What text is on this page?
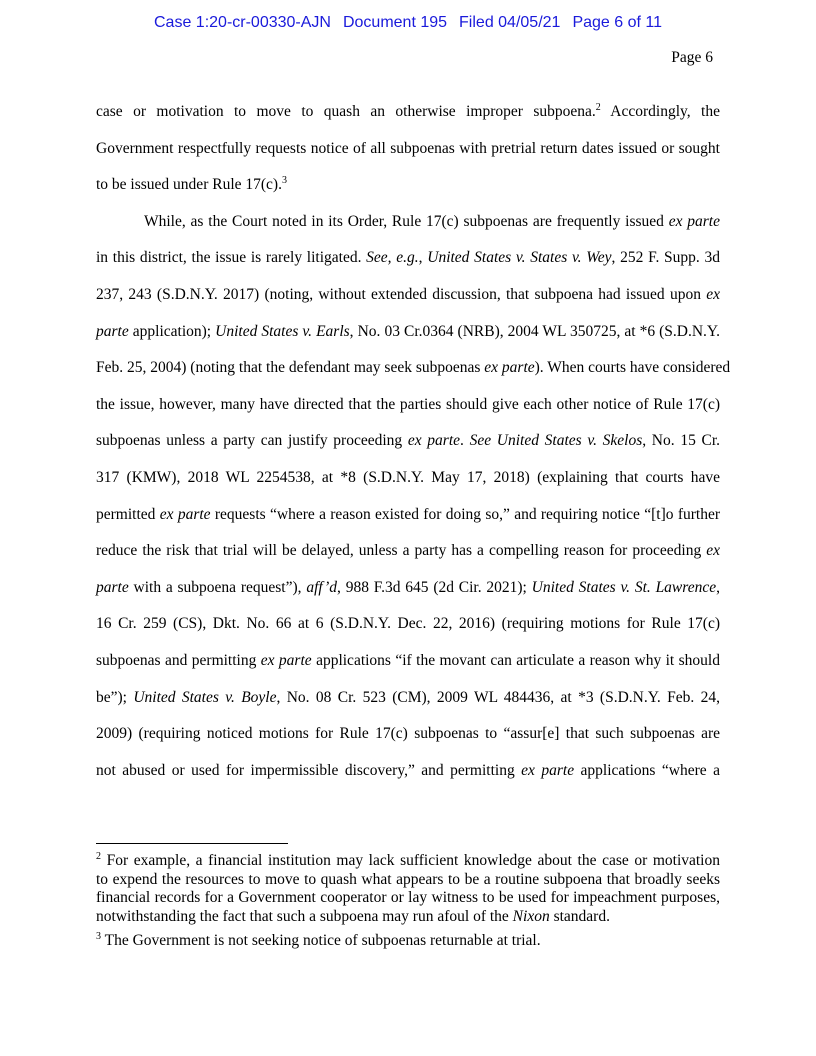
Case 1:20-cr-00330-AJN Document 195 Filed 04/05/21 Page 6 of 11
Page 6
case or motivation to move to quash an otherwise improper subpoena.$^2$ Accordingly, the
Government respectfully requests notice of all subpoenas with pretrial return dates issued or sought
to be issued under Rule 17(c).$^3$
While, as the Court noted in its Order, Rule 17(c) subpoenas are frequently issued ex parte
in this district, the issue is rarely litigated. See, e.g., United States v. States v. Wey, 252 F. Supp. 3d
237, 243 (S.D.N.Y. 2017) (noting, without extended discussion, that subpoena had issued upon ex
parte application); United States v. Earls, No. 03 Cr.0364 (NRB), 2004 WL 350725, at *6 (S.D.N.Y.
Feb. 25, 2004) (noting that the defendant may seek subpoenas ex parte). When courts have considered
the issue, however, many have directed that the parties should give each other notice of Rule 17(c)
subpoenas unless a party can justify proceeding ex parte. See United States v. Skelos, No. 15 Cr.
317 (KMW), 2018 WL 2254538, at *8 (S.D.N.Y. May 17, 2018) (explaining that courts have
permitted ex parte requests “where a reason existed for doing so,” and requiring notice “[t]o further
reduce the risk that trial will be delayed, unless a party has a compelling reason for proceeding ex
parte with a subpoena request”), aff’d, 988 F.3d 645 (2d Cir. 2021); United States v. St. Lawrence,
16 Cr. 259 (CS), Dkt. No. 66 at 6 (S.D.N.Y. Dec. 22, 2016) (requiring motions for Rule 17(c)
subpoenas and permitting ex parte applications “if the movant can articulate a reason why it should
be”); United States v. Boyle, No. 08 Cr. 523 (CM), 2009 WL 484436, at *3 (S.D.N.Y. Feb. 24,
2009) (requiring noticed motions for Rule 17(c) subpoenas to “assur[e] that such subpoenas are
not abused or used for impermissible discovery,” and permitting ex parte applications “where a
$^2$ For example, a financial institution may lack sufficient knowledge about the case or motivation
to expend the resources to move to quash what appears to be a routine subpoena that broadly seeks
financial records for a Government cooperator or lay witness to be used for impeachment purposes,
notwithstanding the fact that such a subpoena may run afoul of the Nixon standard.
$^3$ The Government is not seeking notice of subpoenas returnable at trial.
